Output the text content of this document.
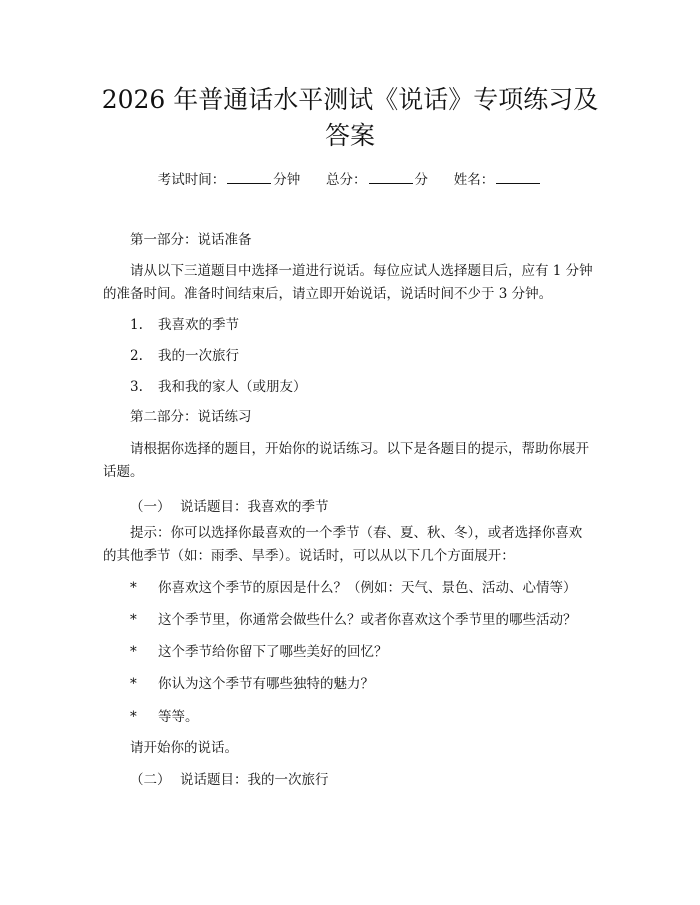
2026 年普通话水平测试《说话》专项练习及
答案
考试时间：	分钟 总分：	分 姓名：

第一部分：说话准备

请从以下三道题目中选择一道进行说话。每位应试人选择题目后，应有 1 分钟
的准备时间。准备时间结束后，请立即开始说话，说话时间不少于 3 分钟。
1. 我喜欢的季节
2. 我的一次旅行
3. 我和我的家人（或朋友）

第二部分：说话练习

请根据你选择的题目，开始你的说话练习。以下是各题目的提示，帮助你展开
话题。
（一） 说话题目：我喜欢的季节
提示：你可以选择你最喜欢的一个季节（春、夏、秋、冬），或者选择你喜欢
的其他季节（如：雨季、旱季）。说话时，可以从以下几个方面展开：
* 你喜欢这个季节的原因是什么？（例如：天气、景色、活动、心情等）
* 这个季节里，你通常会做些什么？或者你喜欢这个季节里的哪些活动？
* 这个季节给你留下了哪些美好的回忆？
* 你认为这个季节有哪些独特的魅力？
* 等等。
请开始你的说话。
（二） 说话题目：我的一次旅行
